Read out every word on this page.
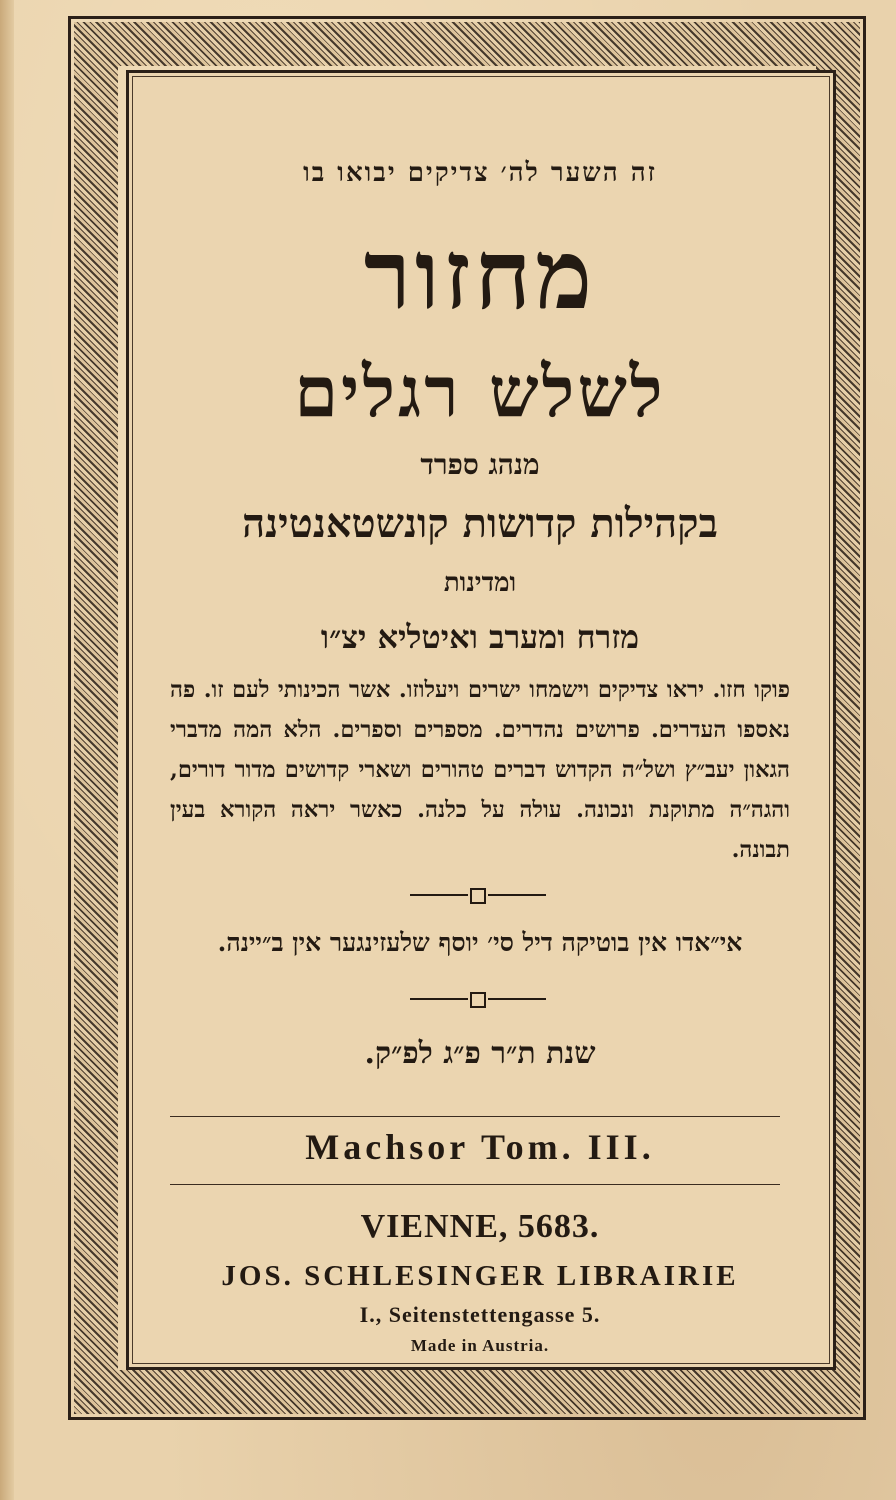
זה השער לה׳ צדיקים יבואו בו
מחזור
לשלש רגלים
מנהג ספרד
בקהילות קדושות קונשטאנטינה
ומדינות
מזרח ומערב ואיטליא יצ״ו
פוקו חזו. יראו צדיקים וישמחו ישרים ויעלוזו. אשר הכינותי לעם זו. פה נאספו העדרים. פרושים נהדרים. מספרים וספרים. הלא המה מדברי הגאון יעב״ץ ושל״ה הקדוש דברים טהורים ושארי קדושים מדור דורים, והגה״ה מתוקנת ונכונה. עולה על כלנה. כאשר יראה הקורא בעין תבונה.
אי״אדו אין בוטיקה דיל סי׳ יוסף שלעזינגער אין ב״יינה.
שנת ת״ר פ״ג לפ״ק.
Machsor Tom. III.
VIENNE, 5683.
JOS. SCHLESINGER LIBRAIRIE
I., Seitenstettengasse 5.
Made in Austria.
